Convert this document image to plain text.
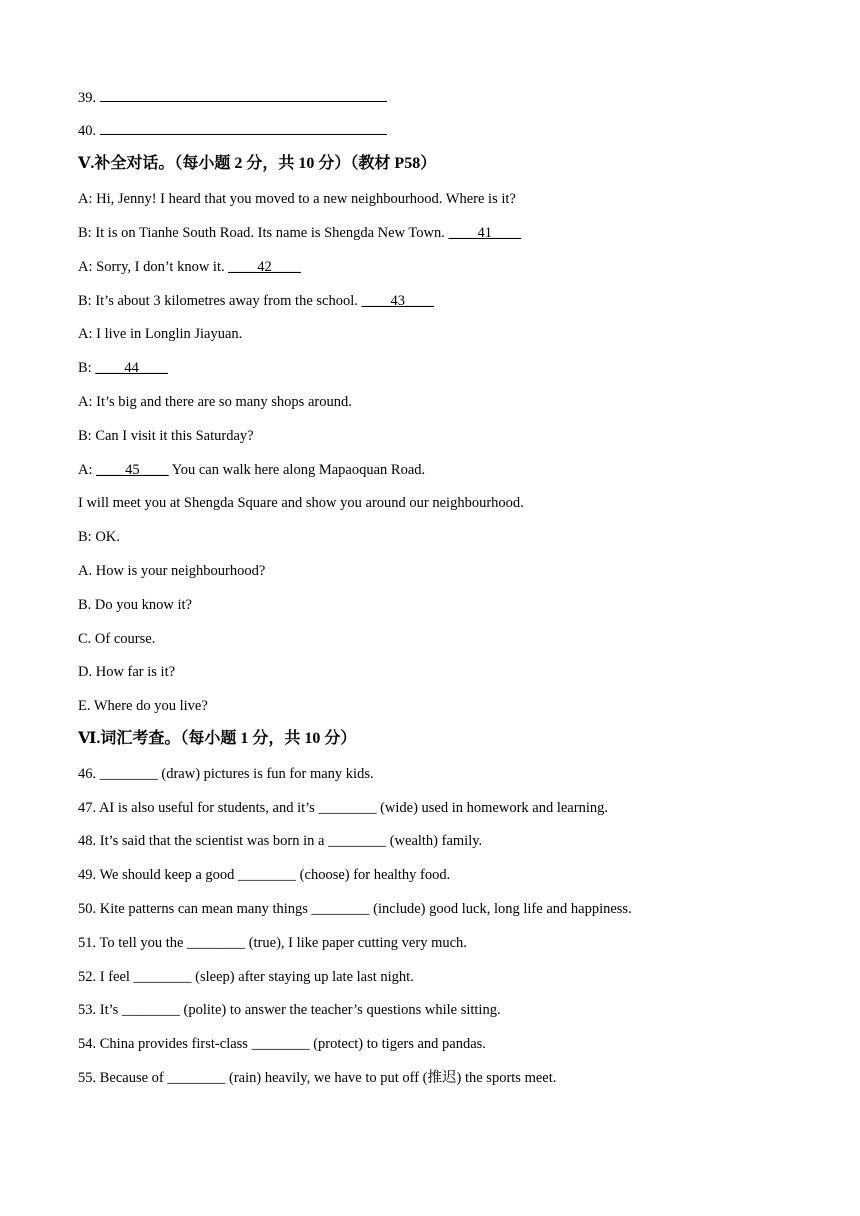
39.
40.
Ⅴ.补全对话。（每小题 2 分，共 10 分）（教材 P58）
A: Hi, Jenny! I heard that you moved to a new neighbourhood. Where is it?
B: It is on Tianhe South Road. Its name is Shengda New Town. ____41____
A: Sorry, I don’t know it. ____42____
B: It’s about 3 kilometres away from the school. ____43____
A: I live in Longlin Jiayuan.
B: ____44____
A: It’s big and there are so many shops around.
B: Can I visit it this Saturday?
A: ____45____ You can walk here along Mapaoquan Road.
I will meet you at Shengda Square and show you around our neighbourhood.
B: OK.
A. How is your neighbourhood?
B. Do you know it?
C. Of course.
D. How far is it?
E. Where do you live?
Ⅵ.词汇考查。（每小题 1 分，共 10 分）
46. ________ (draw) pictures is fun for many kids.
47. AI is also useful for students, and it’s ________ (wide) used in homework and learning.
48. It’s said that the scientist was born in a ________ (wealth) family.
49. We should keep a good ________ (choose) for healthy food.
50. Kite patterns can mean many things ________ (include) good luck, long life and happiness.
51. To tell you the ________ (true), I like paper cutting very much.
52. I feel ________ (sleep) after staying up late last night.
53. It’s ________ (polite) to answer the teacher’s questions while sitting.
54. China provides first-class ________ (protect) to tigers and pandas.
55. Because of ________ (rain) heavily, we have to put off (推迟) the sports meet.
